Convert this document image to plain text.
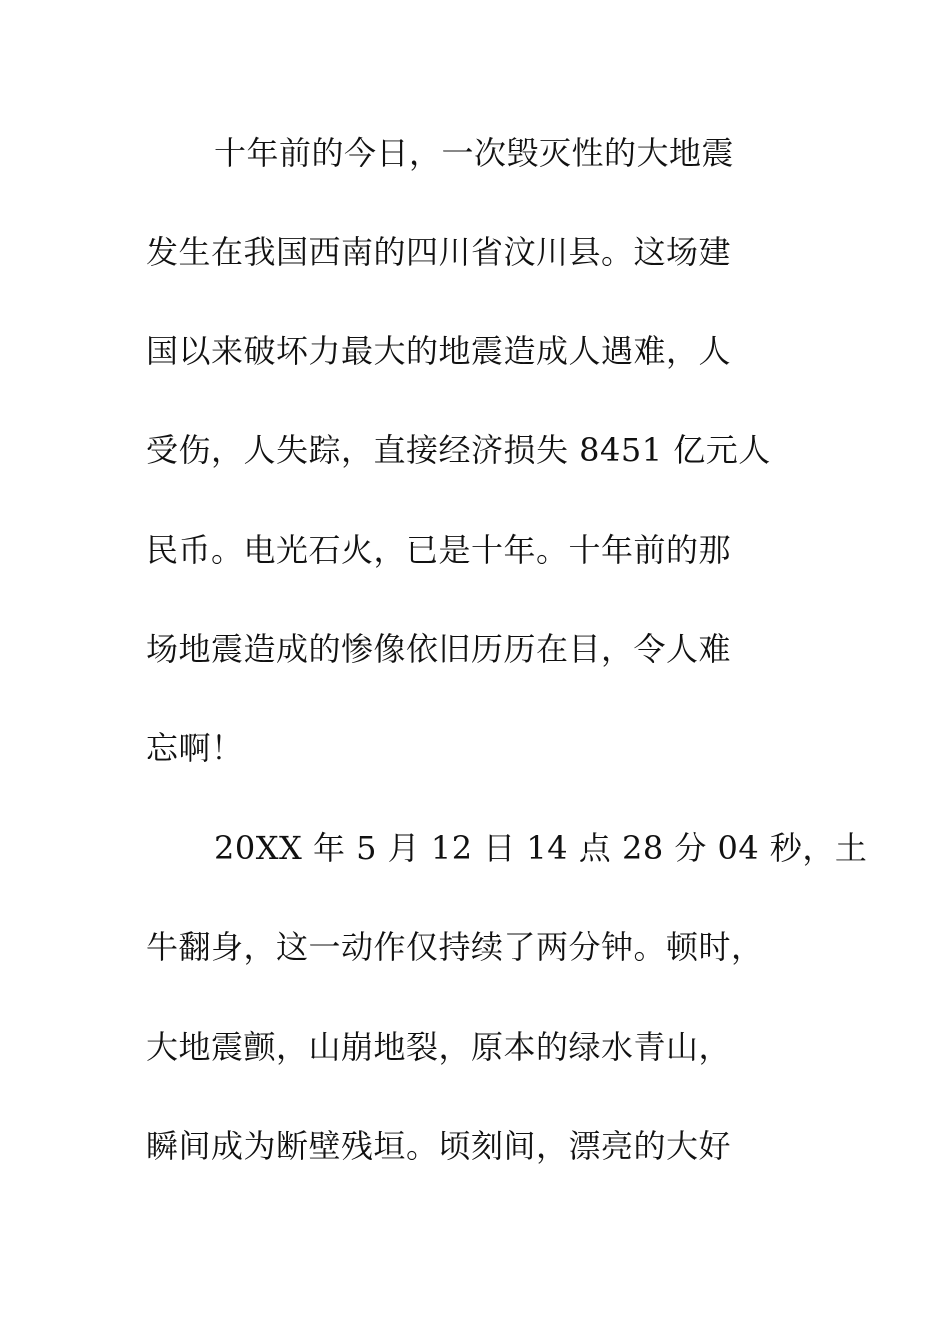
十年前的今日，一次毁灭性的大地震
发生在我国西南的四川省汶川县。这场建
国以来破坏力最大的地震造成人遇难，人
受伤，人失踪，直接经济损失 8451 亿元人
民币。电光石火，已是十年。十年前的那
场地震造成的惨像依旧历历在目，令人难
忘啊！
20XX 年 5 月 12 日 14 点 28 分 04 秒，土
牛翻身，这一动作仅持续了两分钟。顿时，
大地震颤，山崩地裂，原本的绿水青山，
瞬间成为断壁残垣。顷刻间，漂亮的大好
